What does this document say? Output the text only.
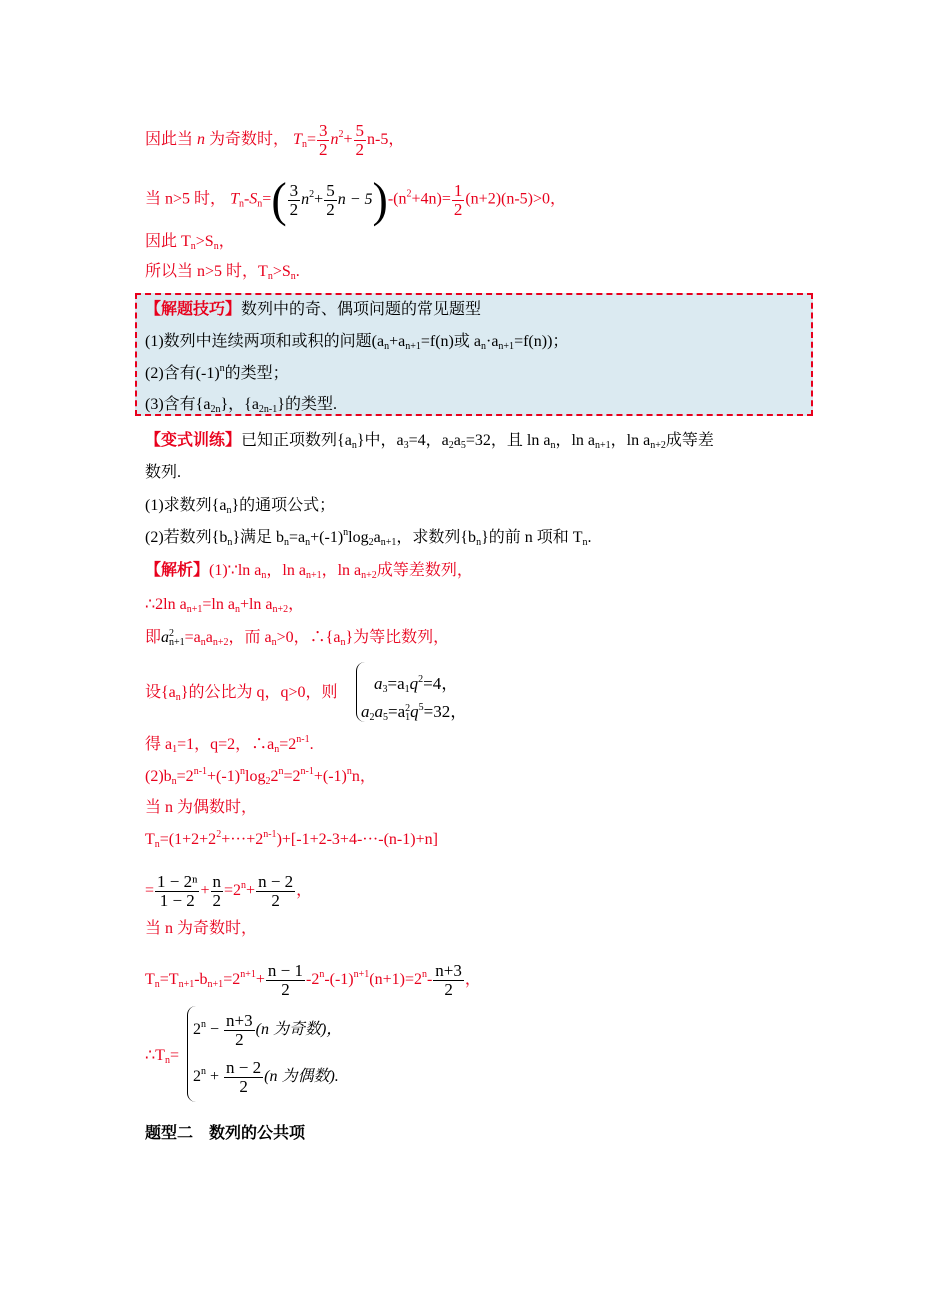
因此当 n 为奇数时， $T_n= \frac{3}{2} n^2+ \frac{5}{2} n-5$，
当 n>5 时， $T_n-S_n=( \frac{3}{2} n^2+ \frac{5}{2}$ $n - 5)-(n^2+4n)= \frac{1}{2} (n+2)(n-5)>0$，
因此 $T_n>S_n$，
所以当 n>5 时，$T_n>S_n$.
【解题技巧】数列中的奇、偶项问题的常见题型
(1)数列中连续两项和或积的问题($a_n+a_{n+1}=f(n)$或 $a_n\cdot a_{n+1}=f(n)$)；
(2)含有$(-1)^n$的类型；
(3)含有$\{a_{2n}\}$，$\{a_{2n-1}\}$的类型.
【变式训练】已知正项数列$\{a_n\}$中，$a_3=4$，$a_2a_5=32$，且 $\ln a_n$，$\ln a_{n+1}$，$\ln a_{n+2}$成等差
数列.
(1)求数列$\{a_n\}$的通项公式；
(2)若数列$\{b_n\}$满足 $b_n=a_n+(-1)^n\log_2a_{n+1}$，求数列$\{b_n\}$的前 n 项和 $T_n$.
【解析】(1)∵ln $a_n$，$\ln a_{n+1}$，$\ln a_{n+2}$成等差数列，
∴2ln $a_{n+1}=\ln$ $a_n+\ln$ $a_{n+2}$，
即a 2
$n+1 =a_na_{n+2}$，而 $a_n>0$，$\therefore\{a_n\}$为等比数列，
设$\{a_n\}$的公比为 q，q>0，则 $a_3=a_1q^2=4$，
$a_2a_5=a$ 2
1 $q^5=32$，
得 $a_1=1$，q=2，$\therefore a_n=2^{n-1}$.
$(2)b_n=2^{n-1}+(-1)^n\log_22^n=2^{n-1}+(-1)^nn$，
当 n 为偶数时，
$T_n=(1+2+2^2+\cdot\cdot\cdot+2^{n-1})+[-1+2-3+4-\cdot\cdot\cdot-(n-1)+n]$
= $\frac{\text{1 − 2ⁿ}}{1 - 2} + \frac{n}{2} =2^n+ \frac{n - 2}{2}$ ，
当 n 为奇数时，
$T_n=T_{n+1}-b_{n+1}=2^{n+1}+ \frac{n - 1}{2} -2^n-(-1)^{n+1}(n+1)=2^n- \frac{n+3}{2}$ ，
$\therefore T_n=$
$2^n - \frac{n+3}{2} (n$ 为奇数)，
$2^n + \frac{n - 2}{2} (n$ 为偶数).
题型二　数列的公共项
